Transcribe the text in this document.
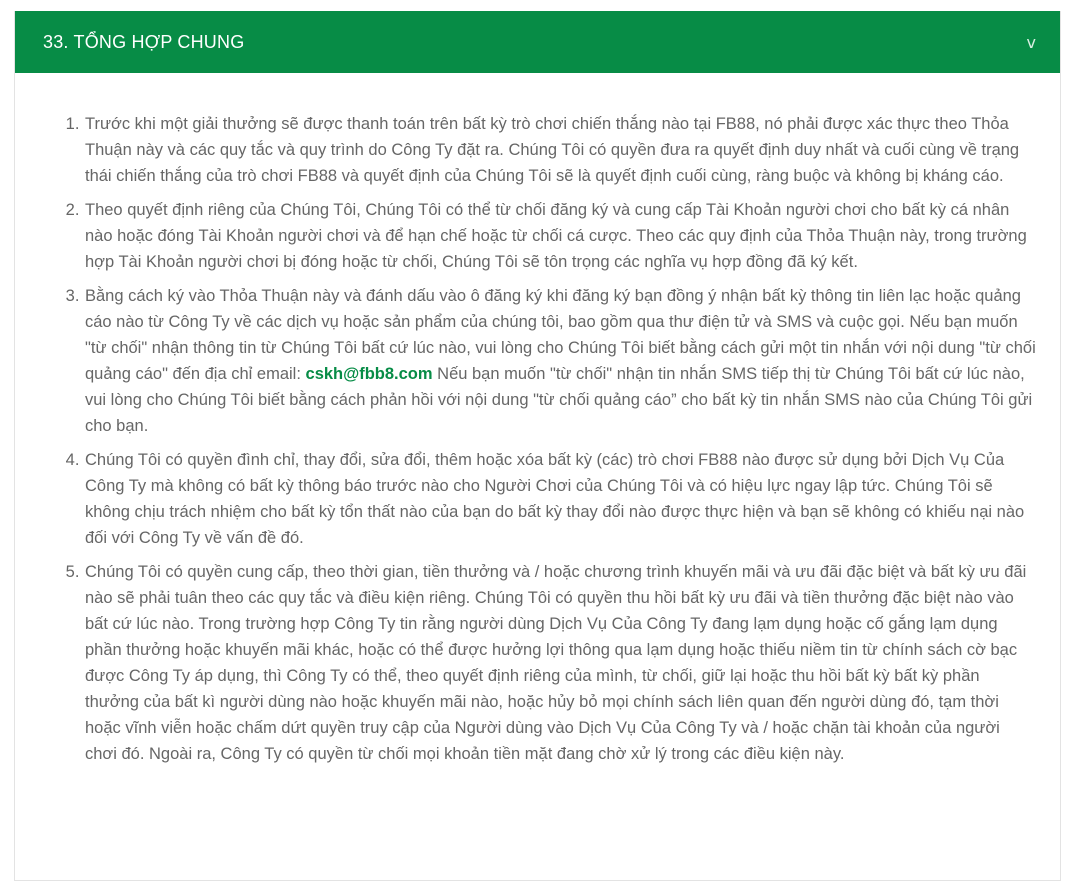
33. TỔNG HỢP CHUNG	v
1. Trước khi một giải thưởng sẽ được thanh toán trên bất kỳ trò chơi chiến thắng nào tại FB88, nó phải được xác thực theo Thỏa Thuận này và các quy tắc và quy trình do Công Ty đặt ra. Chúng Tôi có quyền đưa ra quyết định duy nhất và cuối cùng về trạng thái chiến thắng của trò chơi FB88 và quyết định của Chúng Tôi sẽ là quyết định cuối cùng, ràng buộc và không bị kháng cáo.
2. Theo quyết định riêng của Chúng Tôi, Chúng Tôi có thể từ chối đăng ký và cung cấp Tài Khoản người chơi cho bất kỳ cá nhân nào hoặc đóng Tài Khoản người chơi và để hạn chế hoặc từ chối cá cược. Theo các quy định của Thỏa Thuận này, trong trường hợp Tài Khoản người chơi bị đóng hoặc từ chối, Chúng Tôi sẽ tôn trọng các nghĩa vụ hợp đồng đã ký kết.
3. Bằng cách ký vào Thỏa Thuận này và đánh dấu vào ô đăng ký khi đăng ký bạn đồng ý nhận bất kỳ thông tin liên lạc hoặc quảng cáo nào từ Công Ty về các dịch vụ hoặc sản phẩm của chúng tôi, bao gồm qua thư điện tử và SMS và cuộc gọi. Nếu bạn muốn "từ chối" nhận thông tin từ Chúng Tôi bất cứ lúc nào, vui lòng cho Chúng Tôi biết bằng cách gửi một tin nhắn với nội dung "từ chối quảng cáo" đến địa chỉ email: cskh@fbb8.com Nếu bạn muốn "từ chối" nhận tin nhắn SMS tiếp thị từ Chúng Tôi bất cứ lúc nào, vui lòng cho Chúng Tôi biết bằng cách phản hồi với nội dung "từ chối quảng cáo” cho bất kỳ tin nhắn SMS nào của Chúng Tôi gửi cho bạn.
4. Chúng Tôi có quyền đình chỉ, thay đổi, sửa đổi, thêm hoặc xóa bất kỳ (các) trò chơi FB88 nào được sử dụng bởi Dịch Vụ Của Công Ty mà không có bất kỳ thông báo trước nào cho Người Chơi của Chúng Tôi và có hiệu lực ngay lập tức. Chúng Tôi sẽ không chịu trách nhiệm cho bất kỳ tổn thất nào của bạn do bất kỳ thay đổi nào được thực hiện và bạn sẽ không có khiếu nại nào đối với Công Ty về vấn đề đó.
5. Chúng Tôi có quyền cung cấp, theo thời gian, tiền thưởng và / hoặc chương trình khuyến mãi và ưu đãi đặc biệt và bất kỳ ưu đãi nào sẽ phải tuân theo các quy tắc và điều kiện riêng. Chúng Tôi có quyền thu hồi bất kỳ ưu đãi và tiền thưởng đặc biệt nào vào bất cứ lúc nào. Trong trường hợp Công Ty tin rằng người dùng Dịch Vụ Của Công Ty đang lạm dụng hoặc cố gắng lạm dụng phần thưởng hoặc khuyến mãi khác, hoặc có thể được hưởng lợi thông qua lạm dụng hoặc thiếu niềm tin từ chính sách cờ bạc được Công Ty áp dụng, thì Công Ty có thể, theo quyết định riêng của mình, từ chối, giữ lại hoặc thu hồi bất kỳ bất kỳ phần thưởng của bất kì người dùng nào hoặc khuyến mãi nào, hoặc hủy bỏ mọi chính sách liên quan đến người dùng đó, tạm thời hoặc vĩnh viễn hoặc chấm dứt quyền truy cập của Người dùng vào Dịch Vụ Của Công Ty và / hoặc chặn tài khoản của người chơi đó. Ngoài ra, Công Ty có quyền từ chối mọi khoản tiền mặt đang chờ xử lý trong các điều kiện này.
